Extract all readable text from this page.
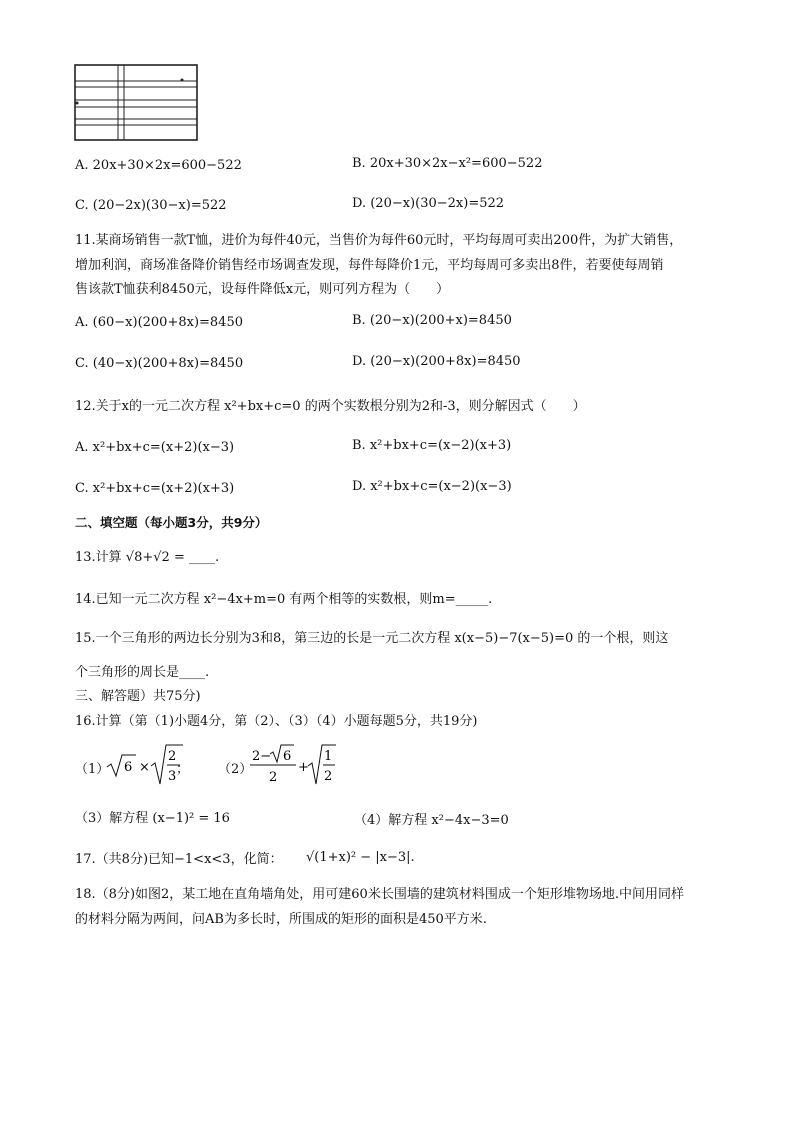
A. 20x+30×2x=600−522	B. 20x+30×2x−x²=600−522
C. (20−2x)(30−x)=522	D. (20−x)(30−2x)=522
11.某商场销售一款T恤，进价为每件40元，当售价为每件60元时，平均每周可卖出200件，为扩大销售，
增加利润，商场准备降价销售经市场调查发现，每件每降价1元，平均每周可多卖出8件，若要使每周销
售该款T恤获利8450元，设每件降低x元，则可列方程为（　　）
A. (60−x)(200+8x)=8450	B. (20−x)(200+x)=8450
C. (40−x)(200+8x)=8450	D. (20−x)(200+8x)=8450
12.关于x的一元二次方程 x²+bx+c=0 的两个实数根分别为2和-3，则分解因式（　　）
A. x²+bx+c=(x+2)(x−3)	B. x²+bx+c=(x−2)(x+3)
C. x²+bx+c=(x+2)(x+3)	D. x²+bx+c=(x−2)(x−3)
二、填空题（每小题3分，共9分）
13.计算 √8+√2 = ____.
14.已知一元二次方程 x²−4x+m=0 有两个相等的实数根，则m=_____.
15.一个三角形的两边长分别为3和8，第三边的长是一元二次方程 x(x−5)−7(x−5)=0 的一个根，则这
个三角形的周长是____.
三、解答题）共75分)
16.计算（第（1)小题4分，第（2）、（3）（4）小题每题5分，共19分)
（1） 6 ×
2
3 ； （2）
2− 6
2
+
1
2
（3）解方程 (x−1)² = 16	（4）解方程 x²−4x−3=0
17.（共8分)已知−1<x<3，化简： √(1+x)² − |x−3|.
18.（8分)如图2，某工地在直角墙角处，用可建60米长围墙的建筑材料围成一个矩形堆物场地.中间用同样
的材料分隔为两间，问AB为多长时，所围成的矩形的面积是450平方米.
